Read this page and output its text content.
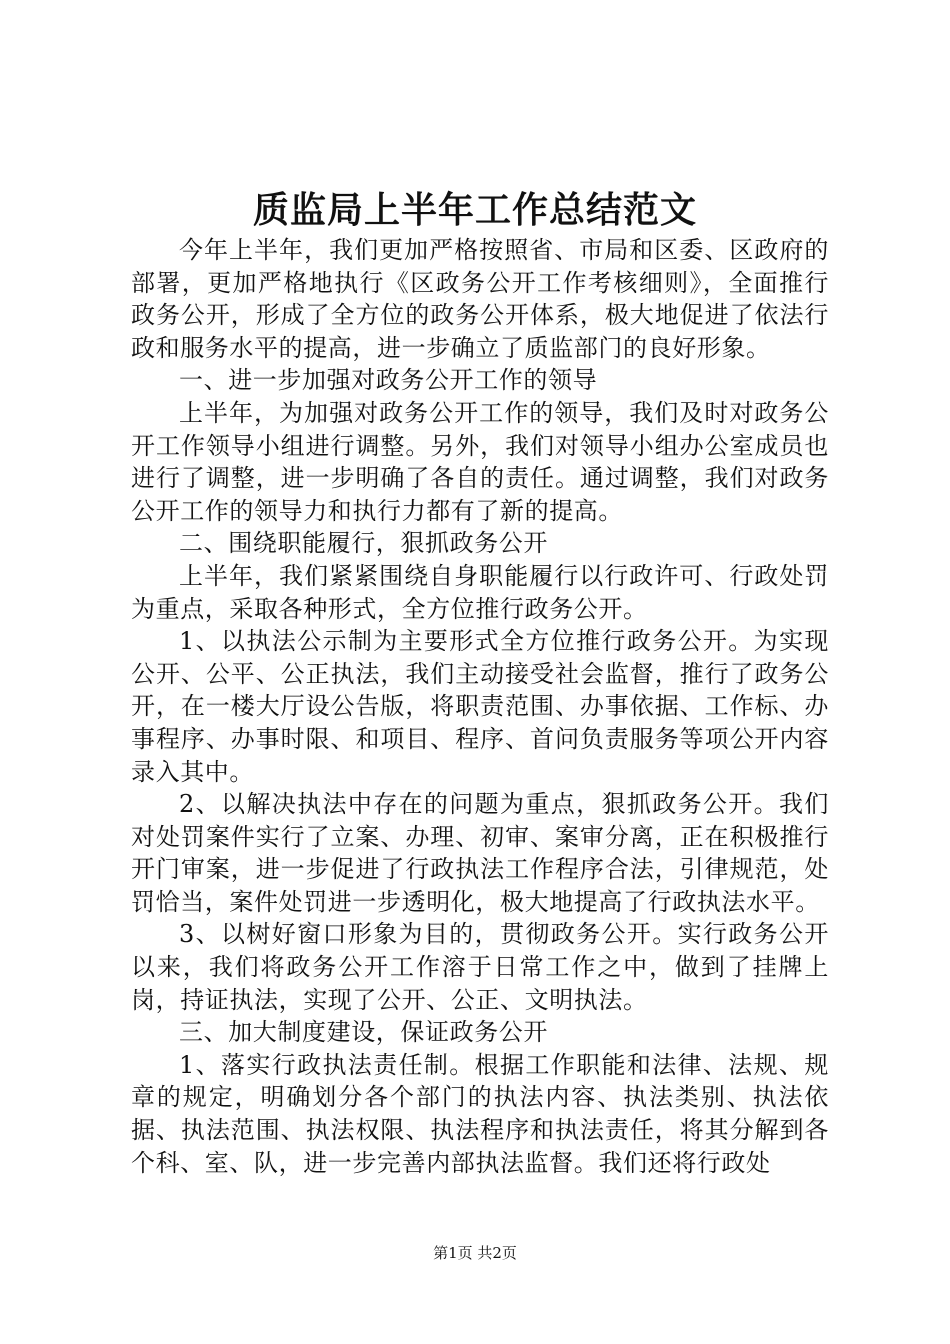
质监局上半年工作总结范文

今年上半年，我们更加严格按照省、市局和区委、区政府的部署，更加严格地执行《区政务公开工作考核细则》，全面推行政务公开，形成了全方位的政务公开体系，极大地促进了依法行政和服务水平的提高，进一步确立了质监部门的良好形象。

一、进一步加强对政务公开工作的领导

上半年，为加强对政务公开工作的领导，我们及时对政务公开工作领导小组进行调整。另外，我们对领导小组办公室成员也进行了调整，进一步明确了各自的责任。通过调整，我们对政务公开工作的领导力和执行力都有了新的提高。

二、围绕职能履行，狠抓政务公开

上半年，我们紧紧围绕自身职能履行以行政许可、行政处罚为重点，采取各种形式，全方位推行政务公开。

1、以执法公示制为主要形式全方位推行政务公开。为实现公开、公平、公正执法，我们主动接受社会监督，推行了政务公开，在一楼大厅设公告版，将职责范围、办事依据、工作标、办事程序、办事时限、和项目、程序、首问负责服务等项公开内容录入其中。

2、以解决执法中存在的问题为重点，狠抓政务公开。我们对处罚案件实行了立案、办理、初审、案审分离，正在积极推行开门审案，进一步促进了行政执法工作程序合法，引律规范，处罚恰当，案件处罚进一步透明化，极大地提高了行政执法水平。

3、以树好窗口形象为目的，贯彻政务公开。实行政务公开以来，我们将政务公开工作溶于日常工作之中，做到了挂牌上岗，持证执法，实现了公开、公正、文明执法。

三、加大制度建设，保证政务公开

1、落实行政执法责任制。根据工作职能和法律、法规、规章的规定，明确划分各个部门的执法内容、执法类别、执法依据、执法范围、执法权限、执法程序和执法责任，将其分解到各个科、室、队，进一步完善内部执法监督。我们还将行政处

第1页 共2页
